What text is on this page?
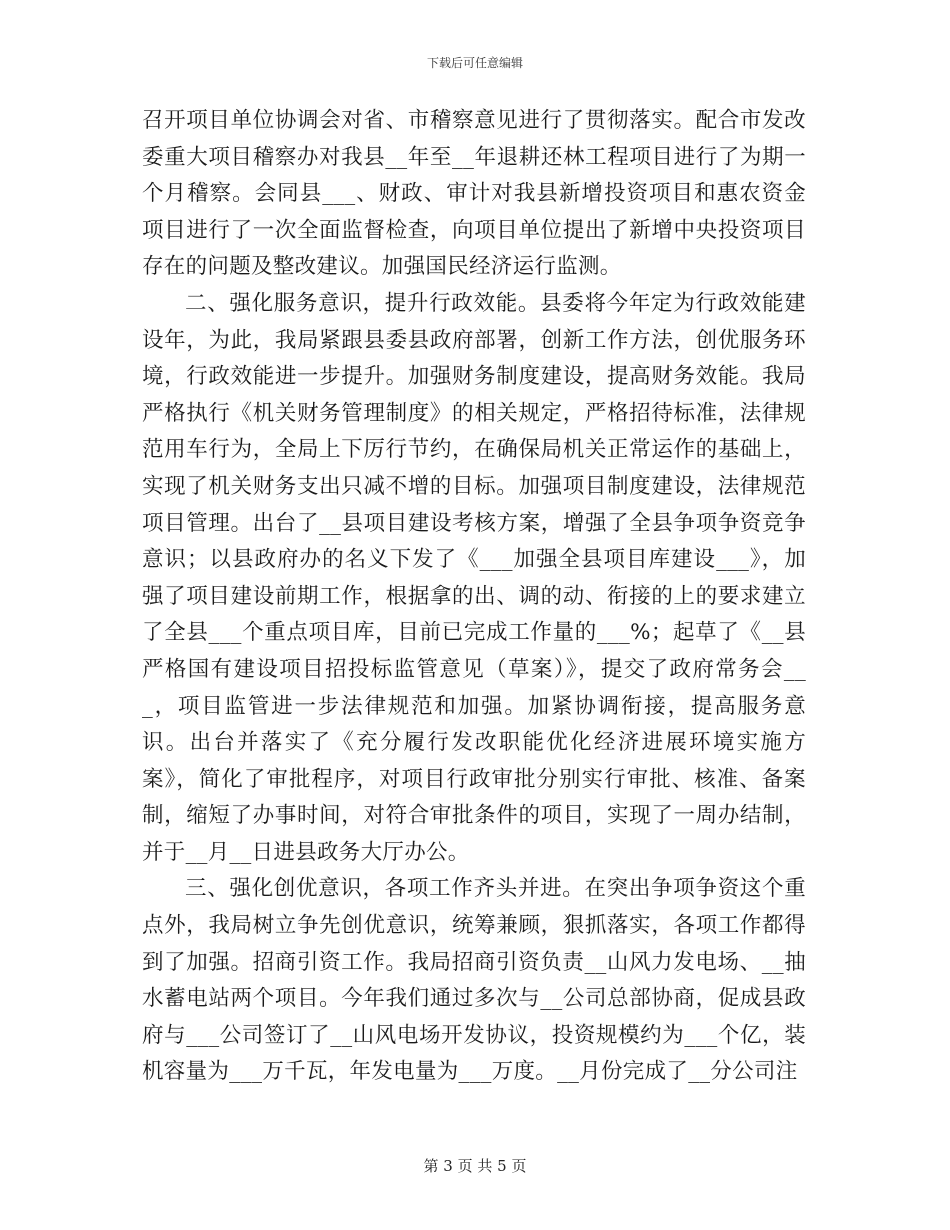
下载后可任意编辑

召开项目单位协调会对省、市稽察意见进行了贯彻落实。配合市发改委重大项目稽察办对我县__年至__年退耕还林工程项目进行了为期一个月稽察。会同县___、财政、审计对我县新增投资项目和惠农资金项目进行了一次全面监督检查，向项目单位提出了新增中央投资项目存在的问题及整改建议。加强国民经济运行监测。

二、强化服务意识，提升行政效能。县委将今年定为行政效能建设年，为此，我局紧跟县委县政府部署，创新工作方法，创优服务环境，行政效能进一步提升。加强财务制度建设，提高财务效能。我局严格执行《机关财务管理制度》的相关规定，严格招待标准，法律规范用车行为，全局上下厉行节约，在确保局机关正常运作的基础上，实现了机关财务支出只减不增的目标。加强项目制度建设，法律规范项目管理。出台了__县项目建设考核方案，增强了全县争项争资竞争意识；以县政府办的名义下发了《___加强全县项目库建设___》，加强了项目建设前期工作，根据拿的出、调的动、衔接的上的要求建立了全县___个重点项目库，目前已完成工作量的___%；起草了《__县严格国有建设项目招投标监管意见（草案）》，提交了政府常务会___，项目监管进一步法律规范和加强。加紧协调衔接，提高服务意识。出台并落实了《充分履行发改职能优化经济进展环境实施方案》，简化了审批程序，对项目行政审批分别实行审批、核准、备案制，缩短了办事时间，对符合审批条件的项目，实现了一周办结制，并于__月__日进县政务大厅办公。

三、强化创优意识，各项工作齐头并进。在突出争项争资这个重点外，我局树立争先创优意识，统筹兼顾，狠抓落实，各项工作都得到了加强。招商引资工作。我局招商引资负责__山风力发电场、__抽水蓄电站两个项目。今年我们通过多次与__公司总部协商，促成县政府与___公司签订了__山风电场开发协议，投资规模约为___个亿，装机容量为___万千瓦，年发电量为___万度。__月份完成了__分公司注

第 3 页 共 5 页
